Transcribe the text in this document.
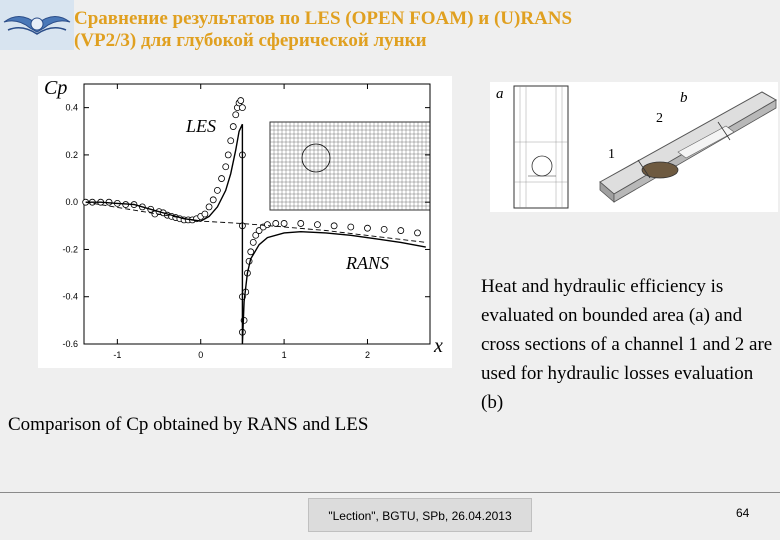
Сравнение результатов по LES (OPEN FOAM) и (U)RANS
(VP2/3) для глубокой сферической лунки
0.4
0.2
0.0
-0.2
-0.4
-0.6
-1	0	1	2
Cp
x
LES
RANS
a	b
1
2
Comparison of Cp obtained by RANS and LES
Heat and hydraulic efficiency is evaluated on bounded area (a) and cross sections of a channel 1 and 2 are used for hydraulic losses evaluation (b)
"Lection", BGTU, SPb, 26.04.2013	64
